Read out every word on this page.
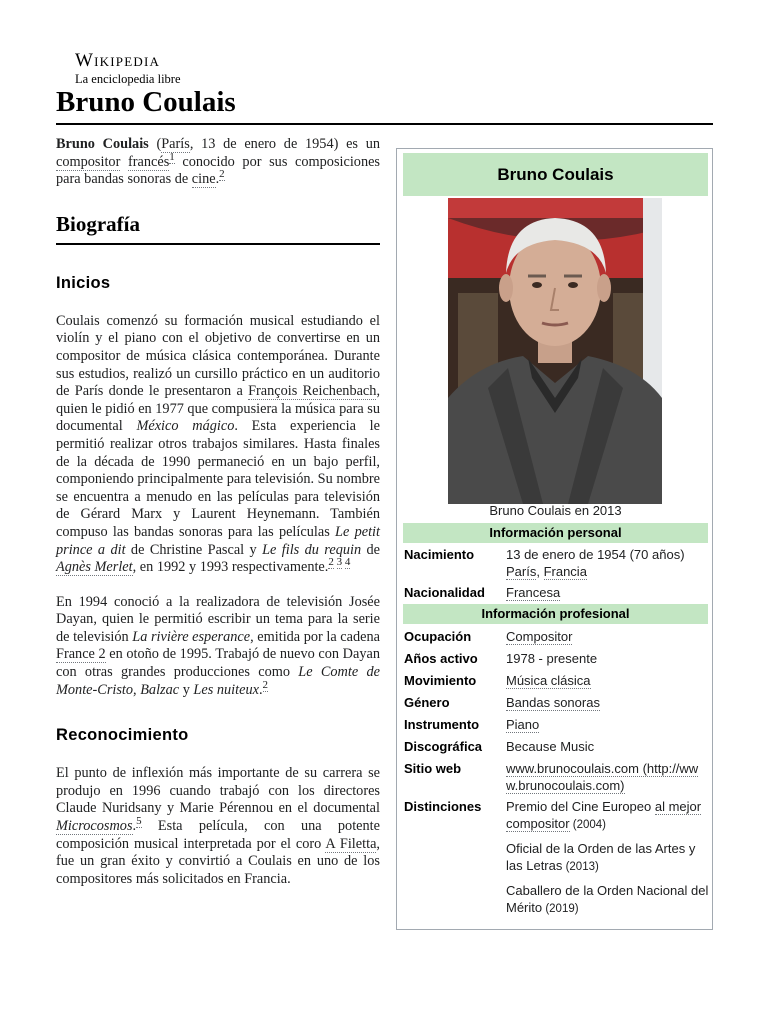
Wikipedia
La enciclopedia libre
Bruno Coulais

Bruno Coulais (París, 13 de enero de 1954) es un compositor francés$^1$ conocido por sus composiciones para bandas sonoras de cine.$^2$

Biografía
Inicios

Coulais comenzó su formación musical estudiando el violín y el piano con el objetivo de convertirse en un compositor de música clásica contemporánea. Durante sus estudios, realizó un cursillo práctico en un auditorio de París donde le presentaron a François Reichenbach, quien le pidió en 1977 que compusiera la música para su documental México mágico. Esta experiencia le permitió realizar otros trabajos similares. Hasta finales de la década de 1990 permaneció en un bajo perfil, componiendo principalmente para televisión. Su nombre se encuentra a menudo en las películas para televisión de Gérard Marx y Laurent Heynemann. También compuso las bandas sonoras para las películas Le petit prince a dit de Christine Pascal y Le fils du requin de Agnès Merlet, en 1992 y 1993 respectivamente.$^{2 3 4}$

En 1994 conoció a la realizadora de televisión Josée Dayan, quien le permitió escribir un tema para la serie de televisión La rivière esperance, emitida por la cadena France 2 en otoño de 1995. Trabajó de nuevo con Dayan con otras grandes producciones como Le Comte de Monte-Cristo, Balzac y Les nuiteux.$^2$

Reconocimiento

El punto de inflexión más importante de su carrera se produjo en 1996 cuando trabajó con los directores Claude Nuridsany y Marie Pérennou en el documental Microcosmos.$^5$ Esta película, con una potente composición musical interpretada por el coro A Filetta, fue un gran éxito y convirtió a Coulais en uno de los compositores más solicitados en Francia.

Bruno Coulais
Bruno Coulais en 2013
Información personal
Nacimiento	13 de enero de 1954 (70 años)
París, Francia
Nacionalidad	Francesa
Información profesional
Ocupación	Compositor
Años activo	1978 - presente
Movimiento	Música clásica
Género	Bandas sonoras
Instrumento	Piano
Discográfica	Because Music
Sitio web	www.brunocoulais.com (http://www.brunocoulais.com)
Distinciones	Premio del Cine Europeo al mejor compositor (2004)
Oficial de la Orden de las Artes y las Letras (2013)
Caballero de la Orden Nacional del Mérito (2019)
